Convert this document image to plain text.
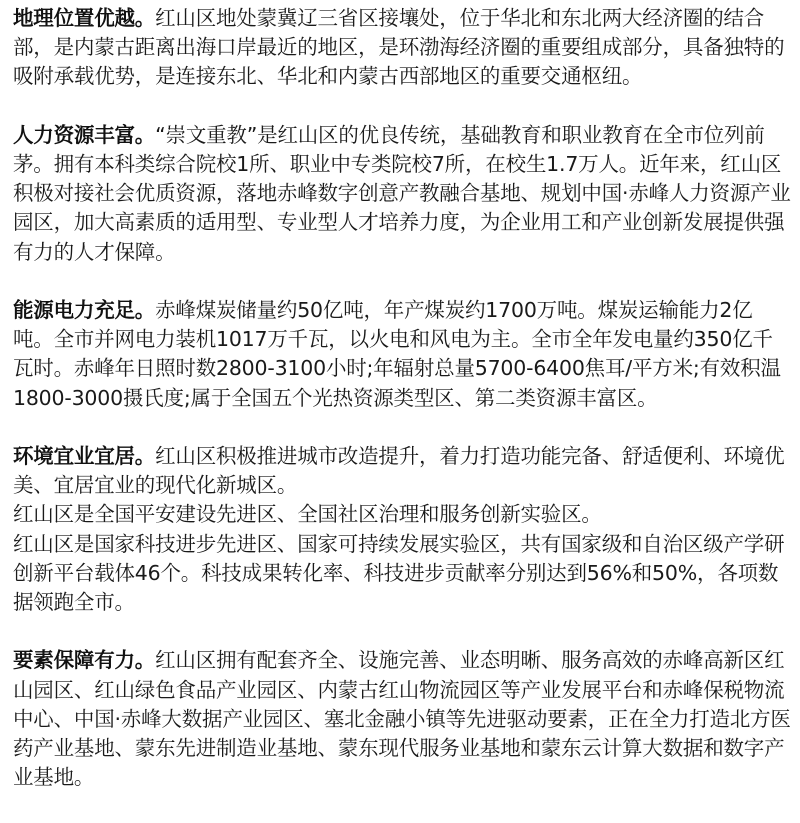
地理位置优越。红山区地处蒙冀辽三省区接壤处，位于华北和东北两大经济圈的结合部，是内蒙古距离出海口岸最近的地区，是环渤海经济圈的重要组成部分，具备独特的吸附承载优势，是连接东北、华北和内蒙古西部地区的重要交通枢纽。

人力资源丰富。“崇文重教”是红山区的优良传统，基础教育和职业教育在全市位列前茅。拥有本科类综合院校1所、职业中专类院校7所，在校生1.7万人。近年来，红山区积极对接社会优质资源，落地赤峰数字创意产教融合基地、规划中国·赤峰人力资源产业园区，加大高素质的适用型、专业型人才培养力度，为企业用工和产业创新发展提供强有力的人才保障。

能源电力充足。赤峰煤炭储量约50亿吨，年产煤炭约1700万吨。煤炭运输能力2亿吨。全市并网电力装机1017万千瓦，以火电和风电为主。全市全年发电量约350亿千瓦时。赤峰年日照时数2800-3100小时;年辐射总量5700-6400焦耳/平方米;有效积温1800-3000摄氏度;属于全国五个光热资源类型区、第二类资源丰富区。

环境宜业宜居。红山区积极推进城市改造提升，着力打造功能完备、舒适便利、环境优美、宜居宜业的现代化新城区。

红山区是全国平安建设先进区、全国社区治理和服务创新实验区。

红山区是国家科技进步先进区、国家可持续发展实验区，共有国家级和自治区级产学研创新平台载体46个。科技成果转化率、科技进步贡献率分别达到56%和50%，各项数据领跑全市。

要素保障有力。红山区拥有配套齐全、设施完善、业态明晰、服务高效的赤峰高新区红山园区、红山绿色食品产业园区、内蒙古红山物流园区等产业发展平台和赤峰保税物流中心、中国·赤峰大数据产业园区、塞北金融小镇等先进驱动要素，正在全力打造北方医药产业基地、蒙东先进制造业基地、蒙东现代服务业基地和蒙东云计算大数据和数字产业基地。
